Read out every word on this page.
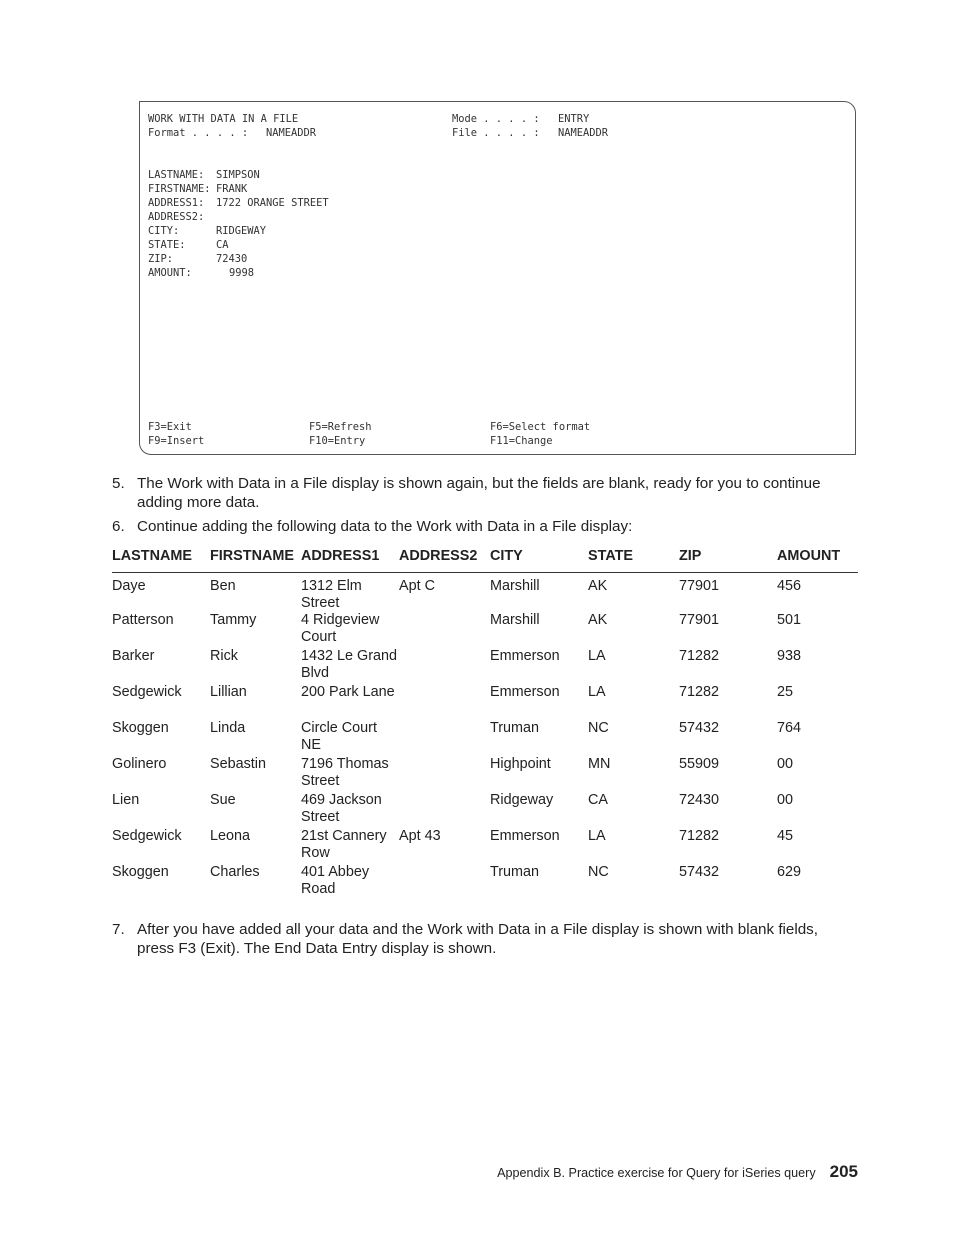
WORK WITH DATA IN A FILE
Format . . . . : NAMEADDR
Mode . . . . : ENTRY
File . . . . : NAMEADDR
LASTNAME: SIMPSON
FIRSTNAME: FRANK
ADDRESS1: 1722 ORANGE STREET
ADDRESS2:
CITY:	RIDGEWAY
STATE:	CA
ZIP:	72430
AMOUNT:	9998
F3=Exit	F5=Refresh	F6=Select format
F9=Insert	F10=Entry	F11=Change
5. The Work with Data in a File display is shown again, but the fields are blank, ready for you to continue adding more data.
6. Continue adding the following data to the Work with Data in a File display:
LASTNAME	FIRSTNAME	ADDRESS1	ADDRESS2	CITY	STATE	ZIP	AMOUNT
Daye	Ben	1312 Elm Street	Apt C	Marshill	AK	77901	456
Patterson	Tammy	4 Ridgeview Court		Marshill	AK	77901	501
Barker	Rick	1432 Le Grand Blvd		Emmerson	LA	71282	938
Sedgewick	Lillian	200 Park Lane		Emmerson	LA	71282	25
Skoggen	Linda	Circle Court NE		Truman	NC	57432	764
Golinero	Sebastin	7196 Thomas Street		Highpoint	MN	55909	00
Lien	Sue	469 Jackson Street		Ridgeway	CA	72430	00
Sedgewick	Leona	21st Cannery Row	Apt 43	Emmerson	LA	71282	45
Skoggen	Charles	401 Abbey Road		Truman	NC	57432	629
7. After you have added all your data and the Work with Data in a File display is shown with blank fields, press F3 (Exit). The End Data Entry display is shown.
Appendix B. Practice exercise for Query for iSeries query 205
